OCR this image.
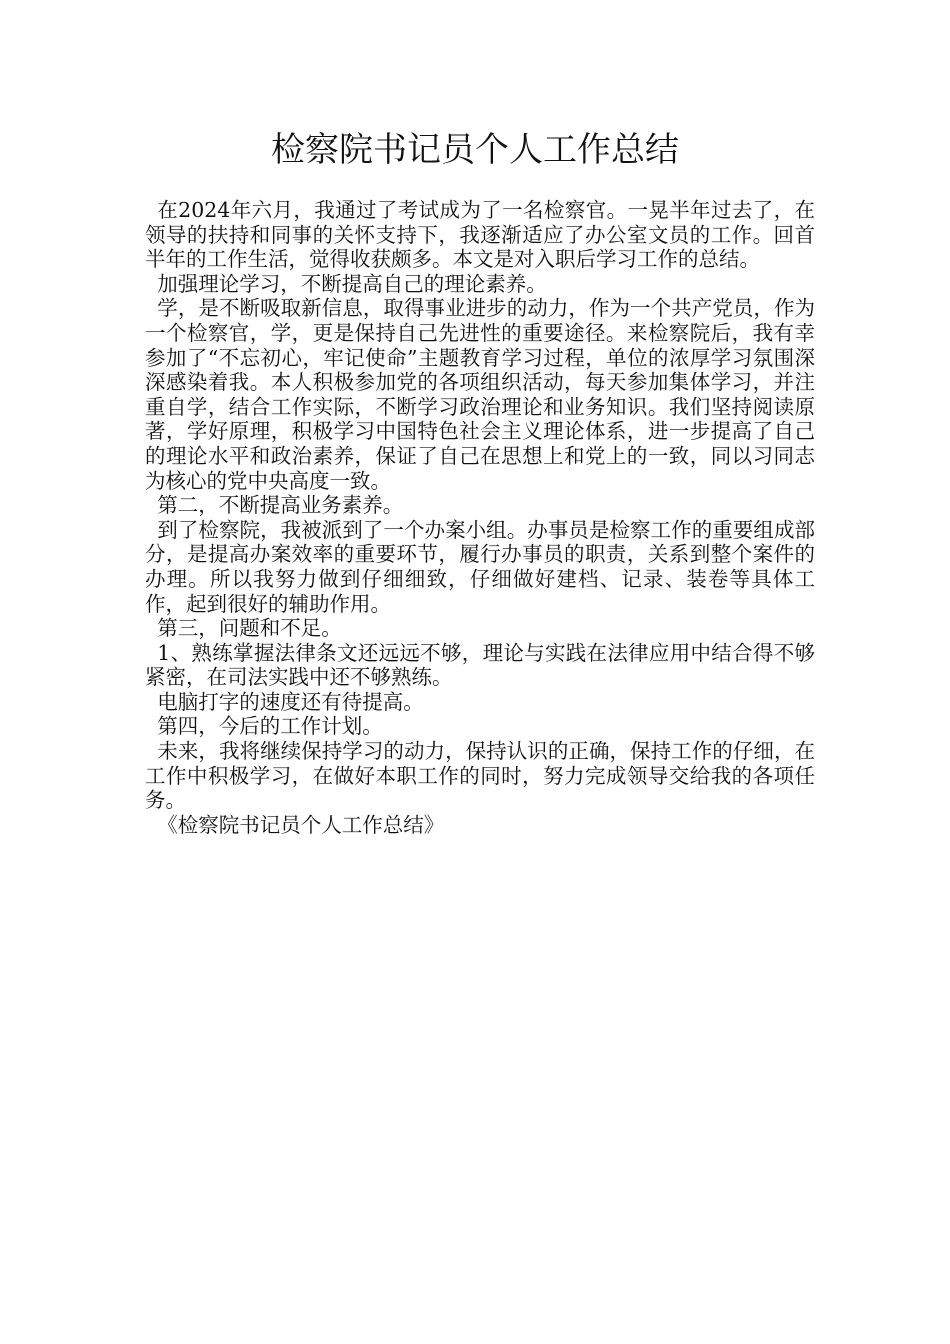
检察院书记员个人工作总结

在2024年六月，我通过了考试成为了一名检察官。一晃半年过去了，在领导的扶持和同事的关怀支持下，我逐渐适应了办公室文员的工作。回首半年的工作生活，觉得收获颇多。本文是对入职后学习工作的总结。

加强理论学习，不断提高自己的理论素养。

学，是不断吸取新信息，取得事业进步的动力，作为一个共产党员，作为一个检察官，学，更是保持自己先进性的重要途径。来检察院后，我有幸参加了“不忘初心，牢记使命”主题教育学习过程，单位的浓厚学习氛围深深感染着我。本人积极参加党的各项组织活动，每天参加集体学习，并注重自学，结合工作实际，不断学习政治理论和业务知识。我们坚持阅读原著，学好原理，积极学习中国特色社会主义理论体系，进一步提高了自己的理论水平和政治素养，保证了自己在思想上和党上的一致，同以习同志为核心的党中央高度一致。

第二，不断提高业务素养。

到了检察院，我被派到了一个办案小组。办事员是检察工作的重要组成部分，是提高办案效率的重要环节，履行办事员的职责，关系到整个案件的办理。所以我努力做到仔细细致，仔细做好建档、记录、装卷等具体工作，起到很好的辅助作用。

第三，问题和不足。

1、熟练掌握法律条文还远远不够，理论与实践在法律应用中结合得不够紧密，在司法实践中还不够熟练。

电脑打字的速度还有待提高。

第四，今后的工作计划。

未来，我将继续保持学习的动力，保持认识的正确，保持工作的仔细，在工作中积极学习，在做好本职工作的同时，努力完成领导交给我的各项任务。

《检察院书记员个人工作总结》
